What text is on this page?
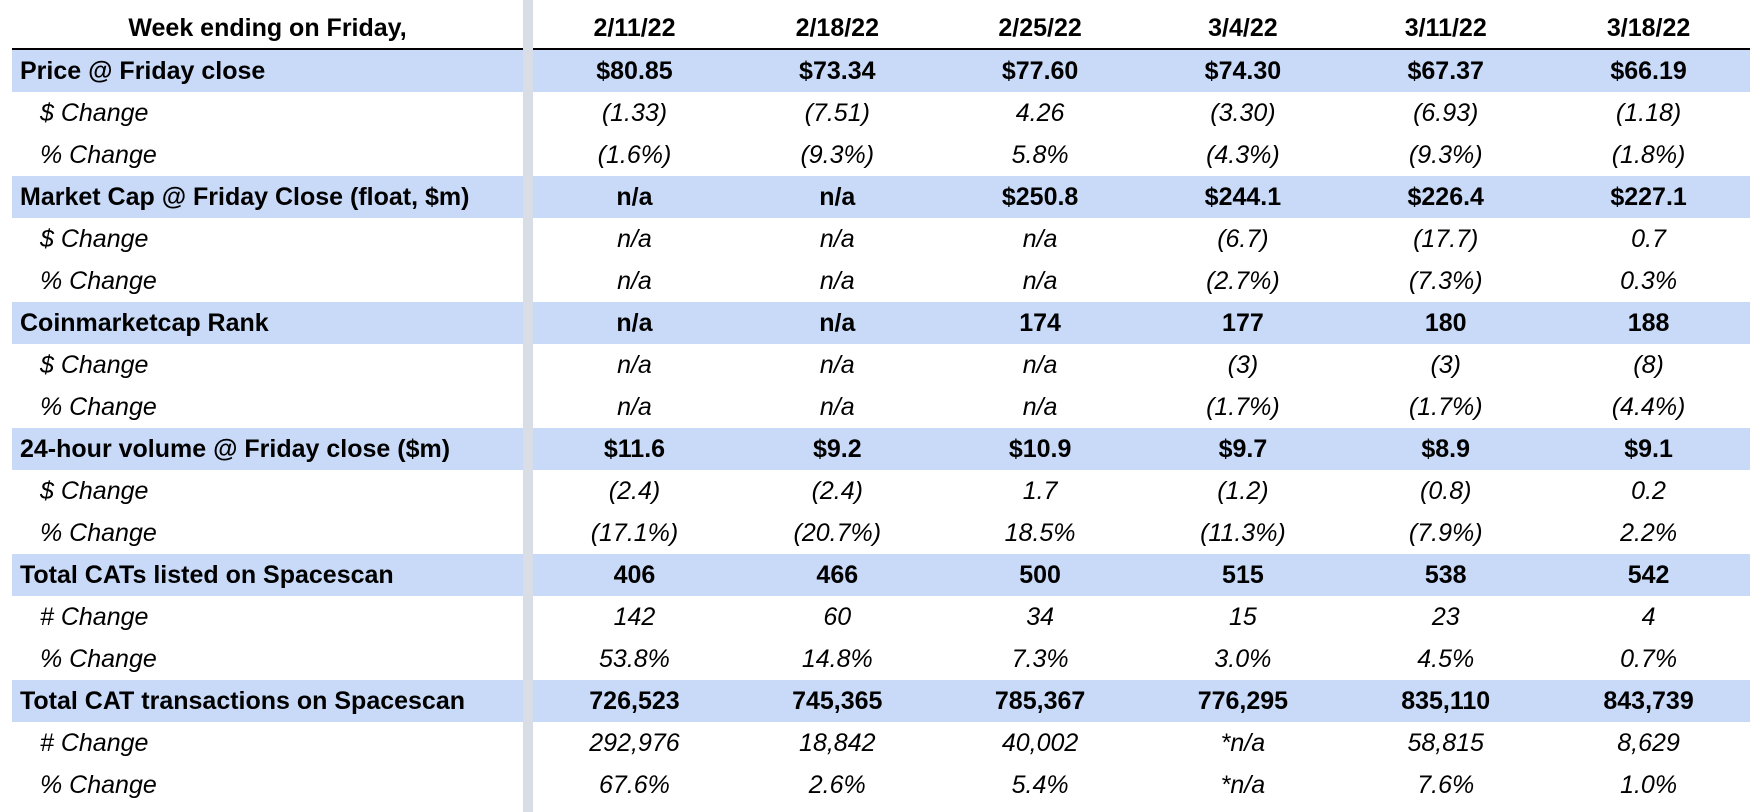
Week ending on Friday,		2/11/22	2/18/22	2/25/22	3/4/22	3/11/22	3/18/22
Price @ Friday close		$80.85	$73.34	$77.60	$74.30	$67.37	$66.19
$ Change		(1.33)	(7.51)	4.26	(3.30)	(6.93)	(1.18)
% Change		(1.6%)	(9.3%)	5.8%	(4.3%)	(9.3%)	(1.8%)
Market Cap @ Friday Close (float, $m)		n/a	n/a	$250.8	$244.1	$226.4	$227.1
$ Change		n/a	n/a	n/a	(6.7)	(17.7)	0.7
% Change		n/a	n/a	n/a	(2.7%)	(7.3%)	0.3%
Coinmarketcap Rank		n/a	n/a	174	177	180	188
$ Change		n/a	n/a	n/a	(3)	(3)	(8)
% Change		n/a	n/a	n/a	(1.7%)	(1.7%)	(4.4%)
24-hour volume @ Friday close ($m)		$11.6	$9.2	$10.9	$9.7	$8.9	$9.1
$ Change		(2.4)	(2.4)	1.7	(1.2)	(0.8)	0.2
% Change		(17.1%)	(20.7%)	18.5%	(11.3%)	(7.9%)	2.2%
Total CATs listed on Spacescan		406	466	500	515	538	542
# Change		142	60	34	15	23	4
% Change		53.8%	14.8%	7.3%	3.0%	4.5%	0.7%
Total CAT transactions on Spacescan		726,523	745,365	785,367	776,295	835,110	843,739
# Change		292,976	18,842	40,002	*n/a	58,815	8,629
% Change		67.6%	2.6%	5.4%	*n/a	7.6%	1.0%
